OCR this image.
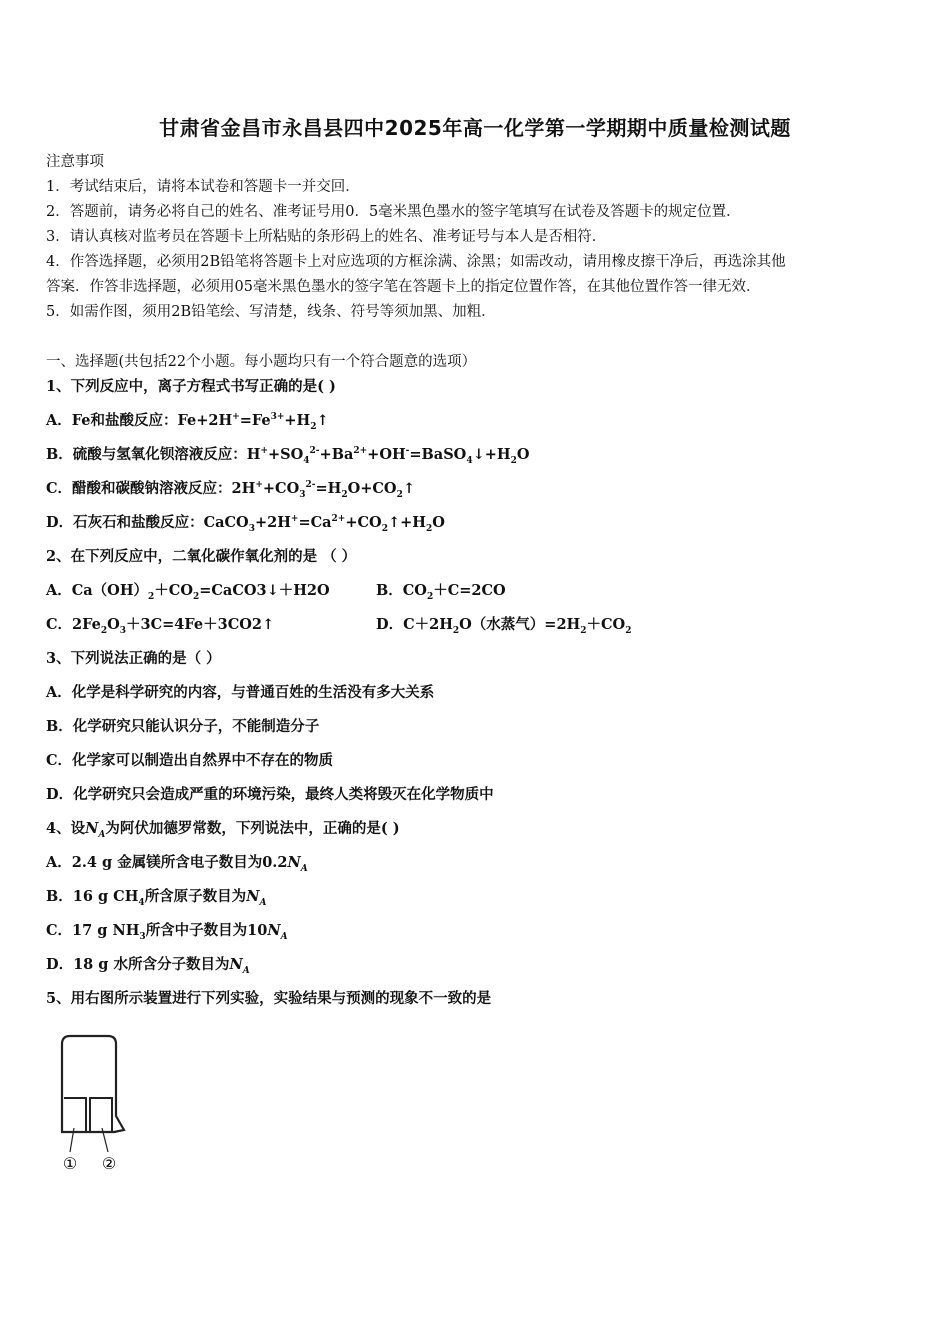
甘肃省金昌市永昌县四中2025年高一化学第一学期期中质量检测试题
注意事项
1．考试结束后，请将本试卷和答题卡一并交回．
2．答题前，请务必将自己的姓名、准考证号用0．5毫米黑色墨水的签字笔填写在试卷及答题卡的规定位置．
3．请认真核对监考员在答题卡上所粘贴的条形码上的姓名、准考证号与本人是否相符．
4．作答选择题，必须用2B铅笔将答题卡上对应选项的方框涂满、涂黑；如需改动，请用橡皮擦干净后，再选涂其他
答案．作答非选择题，必须用05毫米黑色墨水的签字笔在答题卡上的指定位置作答，在其他位置作答一律无效．
5．如需作图，须用2B铅笔绘、写清楚，线条、符号等须加黑、加粗．
一、选择题(共包括22个小题。每小题均只有一个符合题意的选项）
1、下列反应中，离子方程式书写正确的是( )
A．Fe和盐酸反应：$Fe+2H^+=Fe^{3+}+H_2↑$
B．硫酸与氢氧化钡溶液反应：$H^++SO_4^{2-}+Ba^{2+}+OH^-=BaSO_4↓+H_2O$
C．醋酸和碳酸钠溶液反应：$2H^++CO_3^{2-}=H_2O+CO_2↑$
D．石灰石和盐酸反应：$CaCO_3+2H^+=Ca^{2+}+CO_2↑+H_2O$
2、在下列反应中，二氧化碳作氧化剂的是 （ ）
A．$Ca(OH)_2+CO_2=CaCO3↓+H2O$	B．$CO_2+C=2CO$
C．$2Fe_2O_3+3C=4Fe+3CO2↑$	D．$C+2H_2O$（水蒸气）$=2H_2+CO_2$
3、下列说法正确的是（ ）
A．化学是科学研究的内容，与普通百姓的生活没有多大关系
B．化学研究只能认识分子，不能制造分子
C．化学家可以制造出自然界中不存在的物质
D．化学研究只会造成严重的环境污染，最终人类将毁灭在化学物质中
4、设$N_A$为阿伏加德罗常数，下列说法中，正确的是( )
A．2.4 g 金属镁所含电子数目为$0.2N_A$
B．16 g $CH_4$所含原子数目为$N_A$
C．17 g $NH_3$所含中子数目为$10N_A$
D．18 g 水所含分子数目为$N_A$
5、用右图所示装置进行下列实验，实验结果与预测的现象不一致的是
① ②
